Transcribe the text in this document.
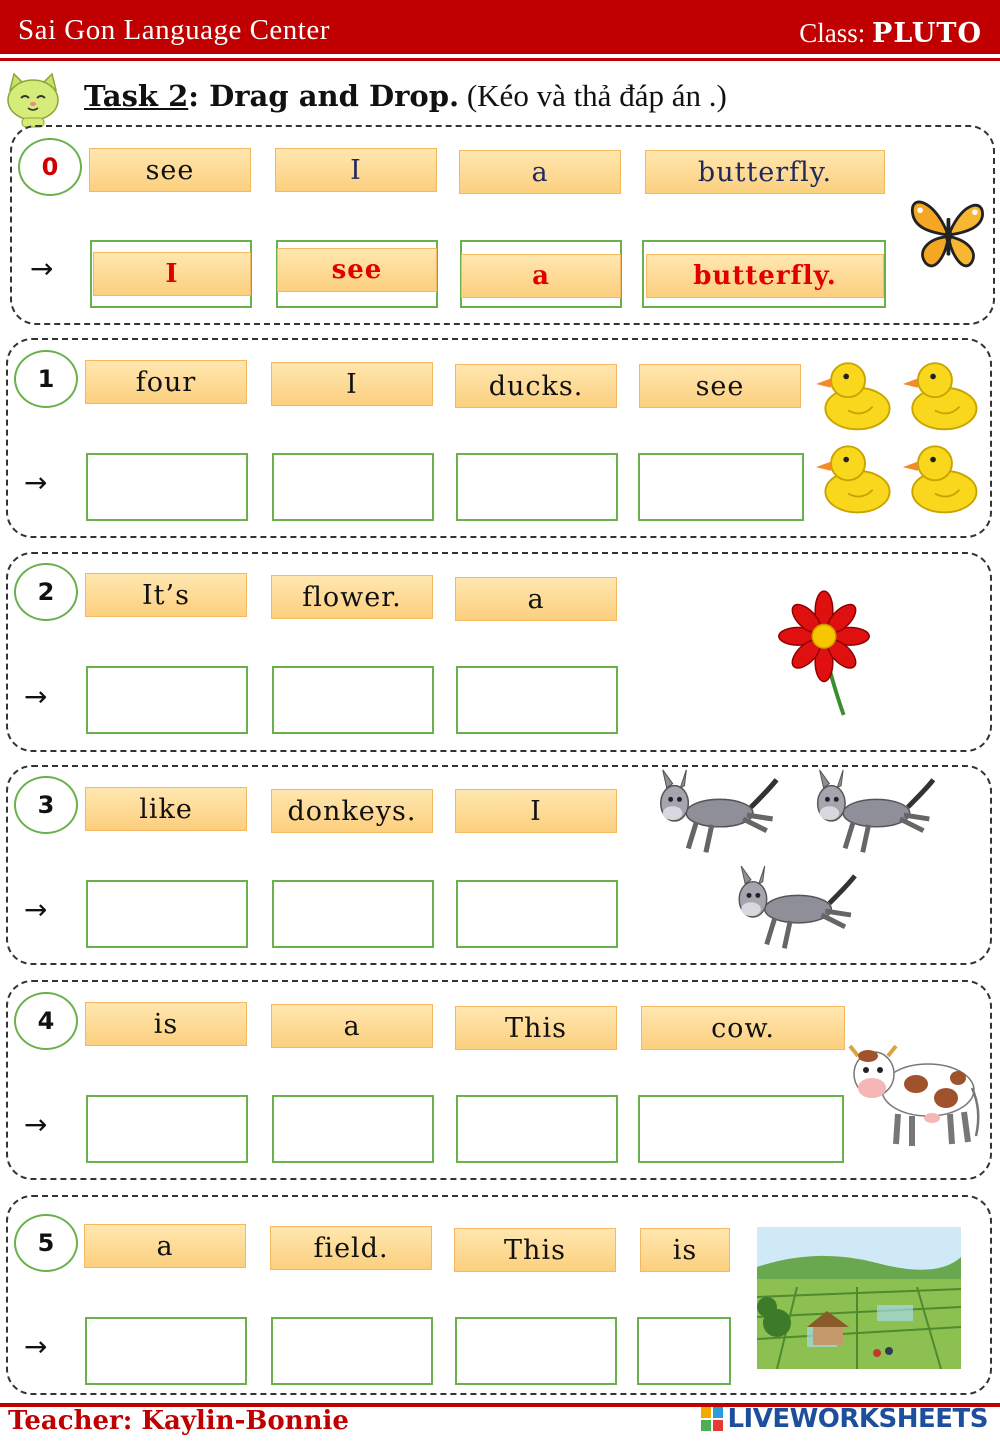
Sai Gon Language Center	Class: PLUTO
Task 2: Drag and Drop. (Kéo và thả đáp án .)
0	see	I	a	butterfly.
→	I	see	a	butterfly.
1	four	I	ducks.	see
→
2	It’s	flower.	a
→
3	like	donkeys.	I
→
4	is	a	This	cow.
→
5	a	field.	This	is
→
Teacher: Kaylin-Bonnie	LIVEWORKSHEETS
